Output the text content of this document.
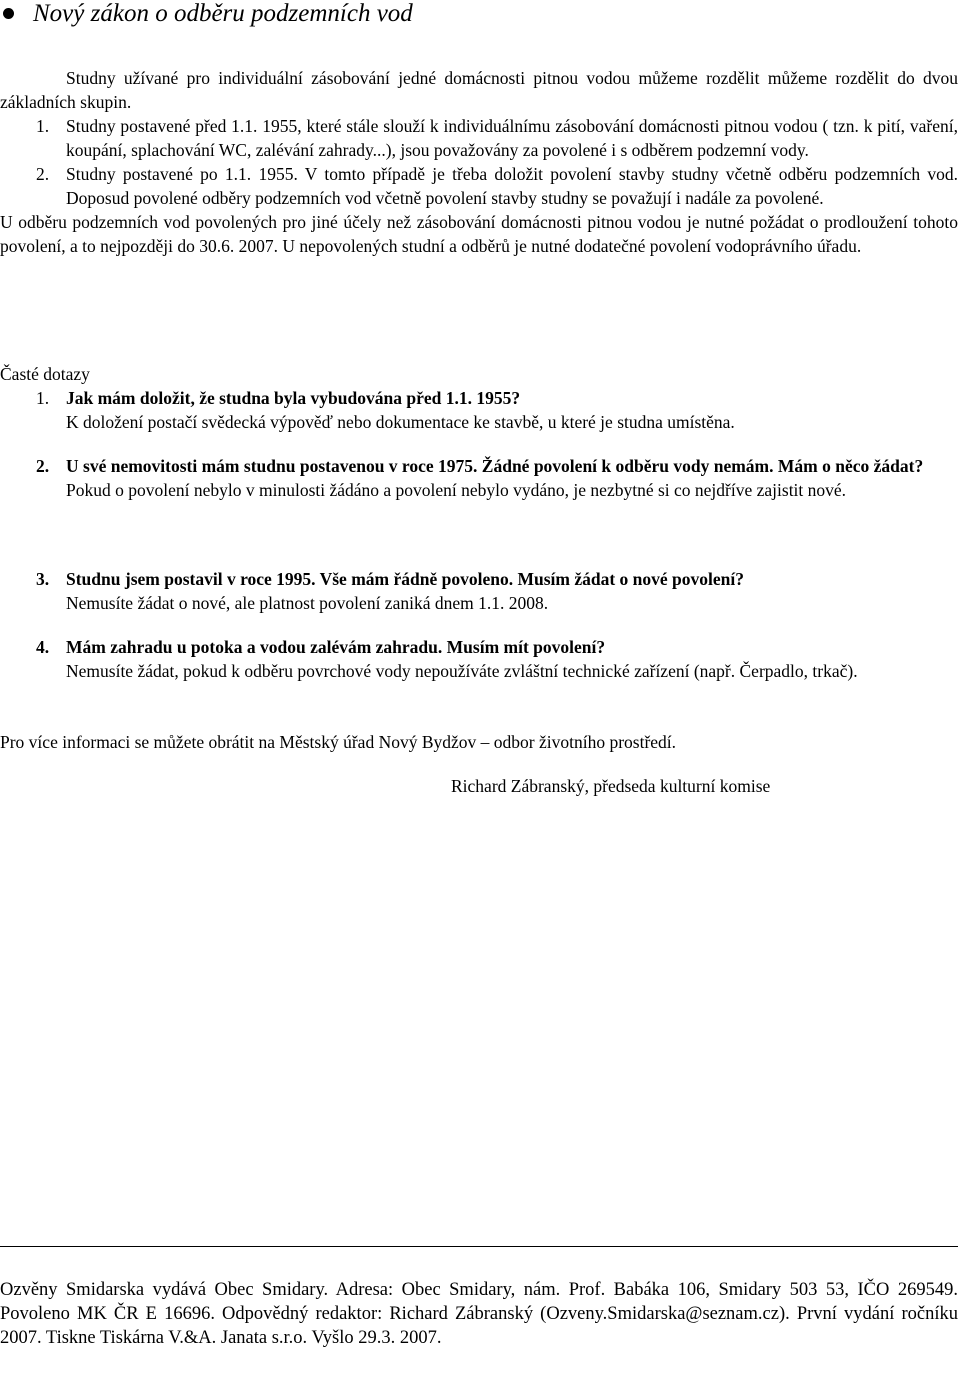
Nový zákon o odběru podzemních vod

Studny užívané pro individuální zásobování jedné domácnosti pitnou vodou můžeme rozdělit můžeme rozdělit do dvou základních skupin.

1. Studny postavené před 1.1. 1955, které stále slouží k individuálnímu zásobování domácnosti pitnou vodou ( tzn. k pití, vaření, koupání, splachování WC, zalévání zahrady...), jsou považovány za povolené i s odběrem podzemní vody.

2. Studny postavené po 1.1. 1955. V tomto případě je třeba doložit povolení stavby studny včetně odběru podzemních vod. Doposud povolené odběry podzemních vod včetně povolení stavby studny se považují i nadále za povolené.

U odběru podzemních vod povolených pro jiné účely než zásobování domácnosti pitnou vodou je nutné požádat o prodloužení tohoto povolení, a to nejpozději do 30.6. 2007. U nepovolených studní a odběrů je nutné dodatečné povolení vodoprávního úřadu.

Časté dotazy

1. Jak mám doložit, že studna byla vybudována před 1.1. 1955?

K doložení postačí svědecká výpověď nebo dokumentace ke stavbě, u které je studna umístěna.

2. U své nemovitosti mám studnu postavenou v roce 1975. Žádné povolení k odběru vody nemám. Mám o něco žádat?

Pokud o povolení nebylo v minulosti žádáno a povolení nebylo vydáno, je nezbytné si co nejdříve zajistit nové.

3. Studnu jsem postavil v roce 1995. Vše mám řádně povoleno. Musím žádat o nové povolení?

Nemusíte žádat o nové, ale platnost povolení zaniká dnem 1.1. 2008.

4. Mám zahradu u potoka a vodou zalévám zahradu. Musím mít povolení?

Nemusíte žádat, pokud k odběru povrchové vody nepoužíváte zvláštní technické zařízení (např. Čerpadlo, trkač).

Pro více informaci se můžete obrátit na Městský úřad Nový Bydžov – odbor životního prostředí.

Richard Zábranský, předseda kulturní komise

Ozvěny Smidarska vydává Obec Smidary. Adresa: Obec Smidary, nám. Prof. Babáka 106, Smidary 503 53, IČO 269549. Povoleno MK ČR E 16696. Odpovědný redaktor: Richard Zábranský (Ozveny.Smidarska@seznam.cz). První vydání ročníku 2007. Tiskne Tiskárna V.&A. Janata s.r.o. Vyšlo 29.3. 2007.
